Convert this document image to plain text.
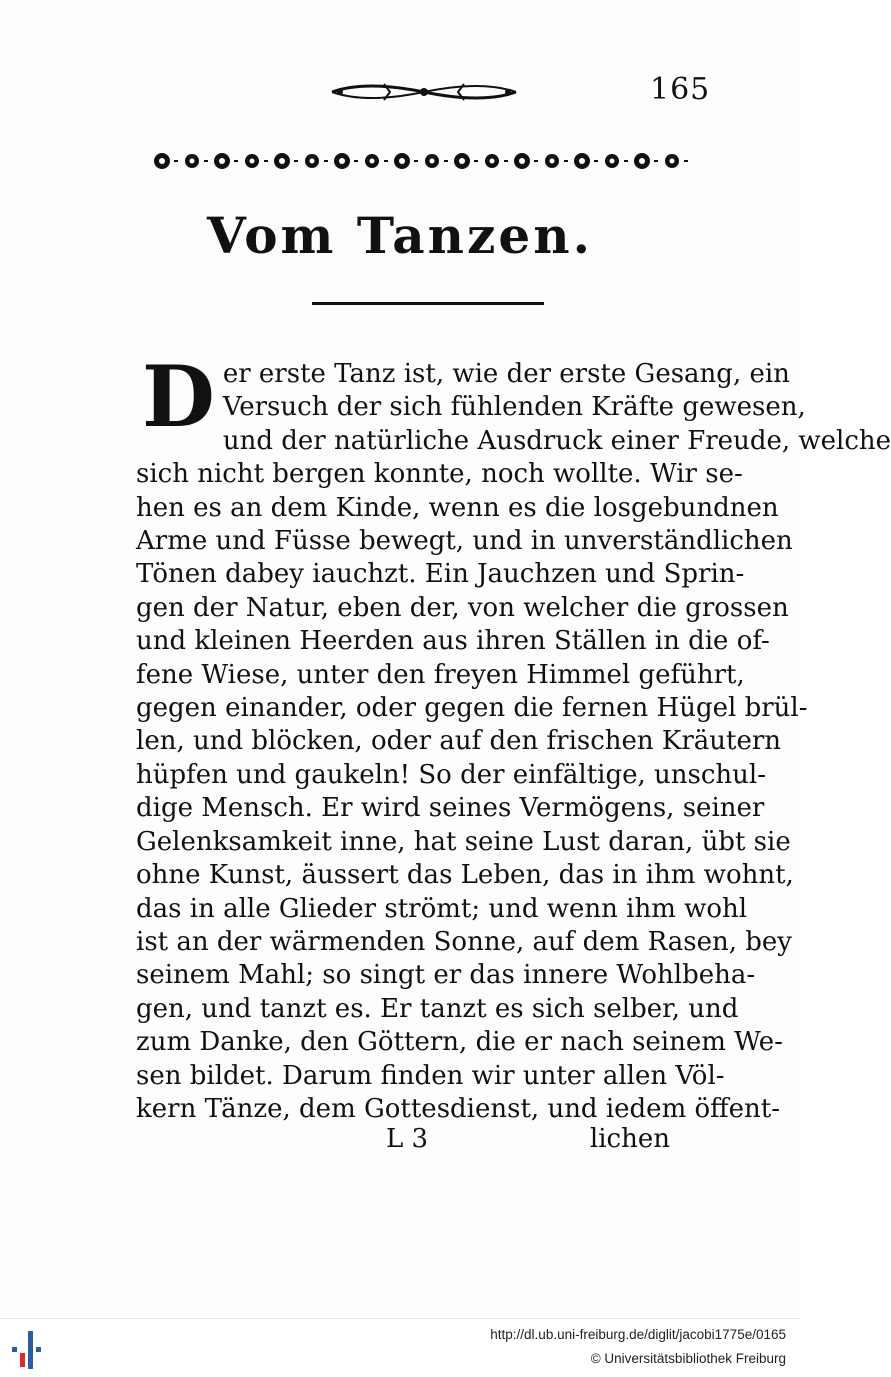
165
Vom Tanzen.

D er erste Tanz ist, wie der erste Gesang, ein
Versuch der sich fühlenden Kräfte gewesen,
und der natürliche Ausdruck einer Freude, welche
sich nicht bergen konnte, noch wollte. Wir se-
hen es an dem Kinde, wenn es die losgebundnen
Arme und Füsse bewegt, und in unverständlichen
Tönen dabey iauchzt. Ein Jauchzen und Sprin-
gen der Natur, eben der, von welcher die grossen
und kleinen Heerden aus ihren Ställen in die of-
fene Wiese, unter den freyen Himmel geführt,
gegen einander, oder gegen die fernen Hügel brül-
len, und blöcken, oder auf den frischen Kräutern
hüpfen und gaukeln! So der einfältige, unschul-
dige Mensch. Er wird seines Vermögens, seiner
Gelenksamkeit inne, hat seine Lust daran, übt sie
ohne Kunst, äussert das Leben, das in ihm wohnt,
das in alle Glieder strömt; und wenn ihm wohl
ist an der wärmenden Sonne, auf dem Rasen, bey
seinem Mahl; so singt er das innere Wohlbeha-
gen, und tanzt es. Er tanzt es sich selber, und
zum Danke, den Göttern, die er nach seinem We-
sen bildet. Darum finden wir unter allen Völ-
kern Tänze, dem Gottesdienst, und iedem öffent-

L 3	lichen
http://dl.ub.uni-freiburg.de/diglit/jacobi1775e/0165
© Universitätsbibliothek Freiburg
